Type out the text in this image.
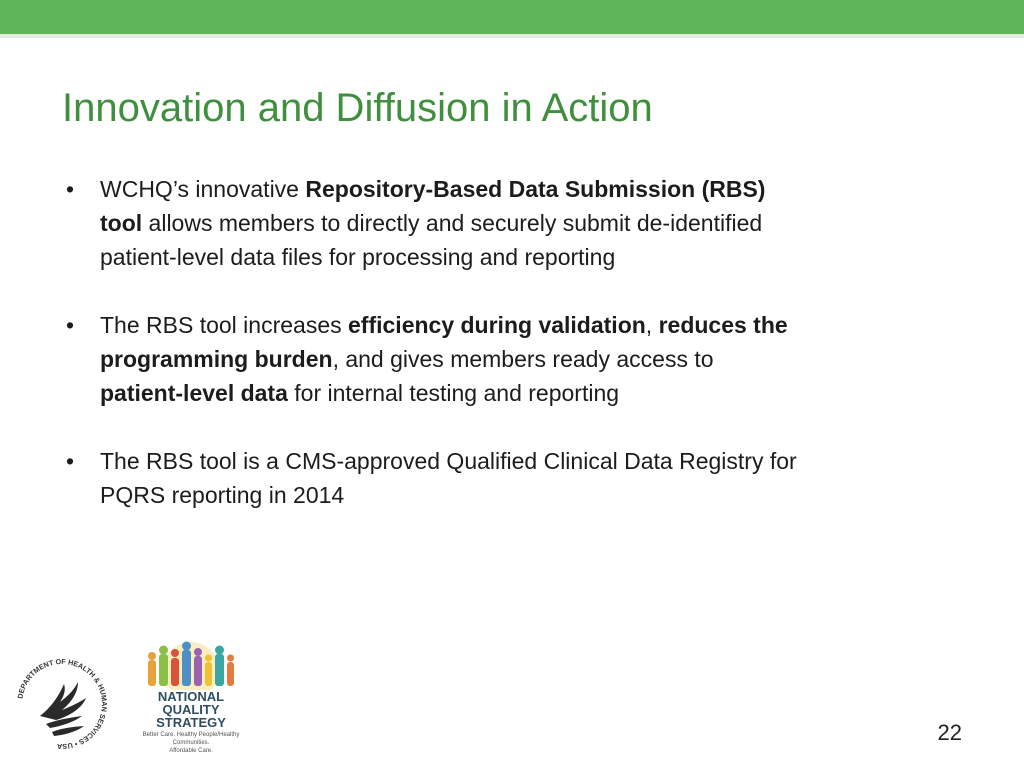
Innovation and Diffusion in Action
• WCHQ’s innovative Repository-Based Data Submission (RBS)
tool allows members to directly and securely submit de-identified
patient-level data files for processing and reporting
• The RBS tool increases efficiency during validation, reduces the
programming burden, and gives members ready access to
patient-level data for internal testing and reporting
• The RBS tool is a CMS-approved Qualified Clinical Data Registry for
PQRS reporting in 2014
DEPARTMENT OF HEALTH & HUMAN SERVICES • USA
NATIONAL
QUALITY
STRATEGY
Better Care. Healthy People/Healthy Communities.
Affordable Care.
22
